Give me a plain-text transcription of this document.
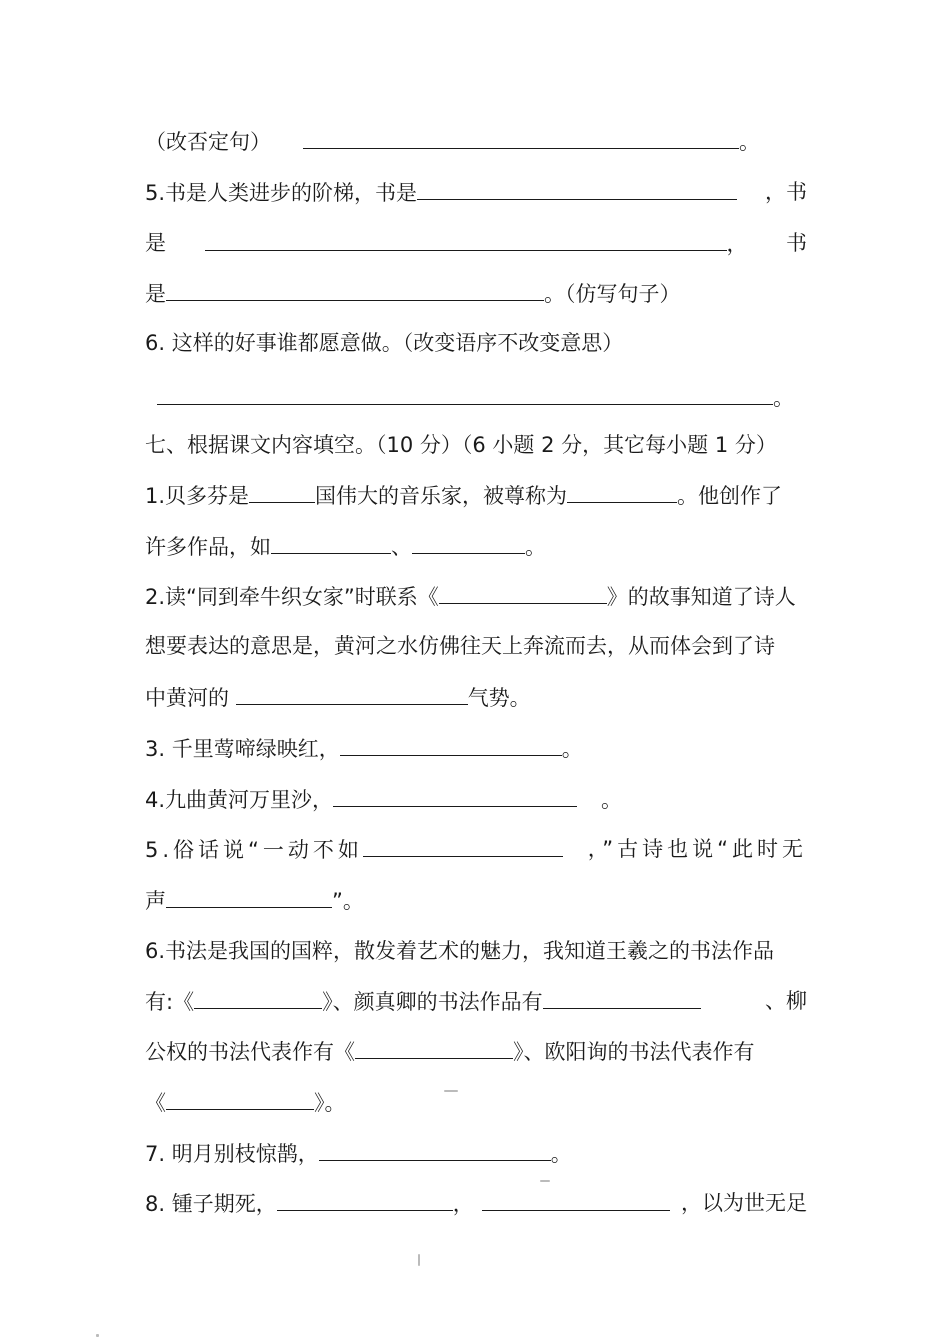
（改否定句）	。
5.书是人类进步的阶梯，书是	，书
是	， 书
是	。（仿写句子）
6. 这样的好事谁都愿意做。（改变语序不改变意思）
。
七、根据课文内容填空。（10 分）（6 小题 2 分，其它每小题 1 分）
1.贝多芬是	国伟大的音乐家，被尊称为	。他创作了
许多作品，如	、	。
2.读“同到牵牛织女家”时联系《	》的故事知道了诗人
想要表达的意思是，黄河之水仿佛往天上奔流而去，从而体会到了诗
中黄河的	气势。
3. 千里莺啼绿映红，	。
4.九曲黄河万里沙，	。
5.俗话说“一动不如	，”古诗也说“此时无
声	”。
6.书法是我国的国粹，散发着艺术的魅力，我知道王羲之的书法作品
有:《	》、颜真卿的书法作品有	、柳
公权的书法代表作有《	》、欧阳询的书法代表作有
《	》。
7. 明月别枝惊鹊，	。
8. 锺子期死，	，	，以为世无足
